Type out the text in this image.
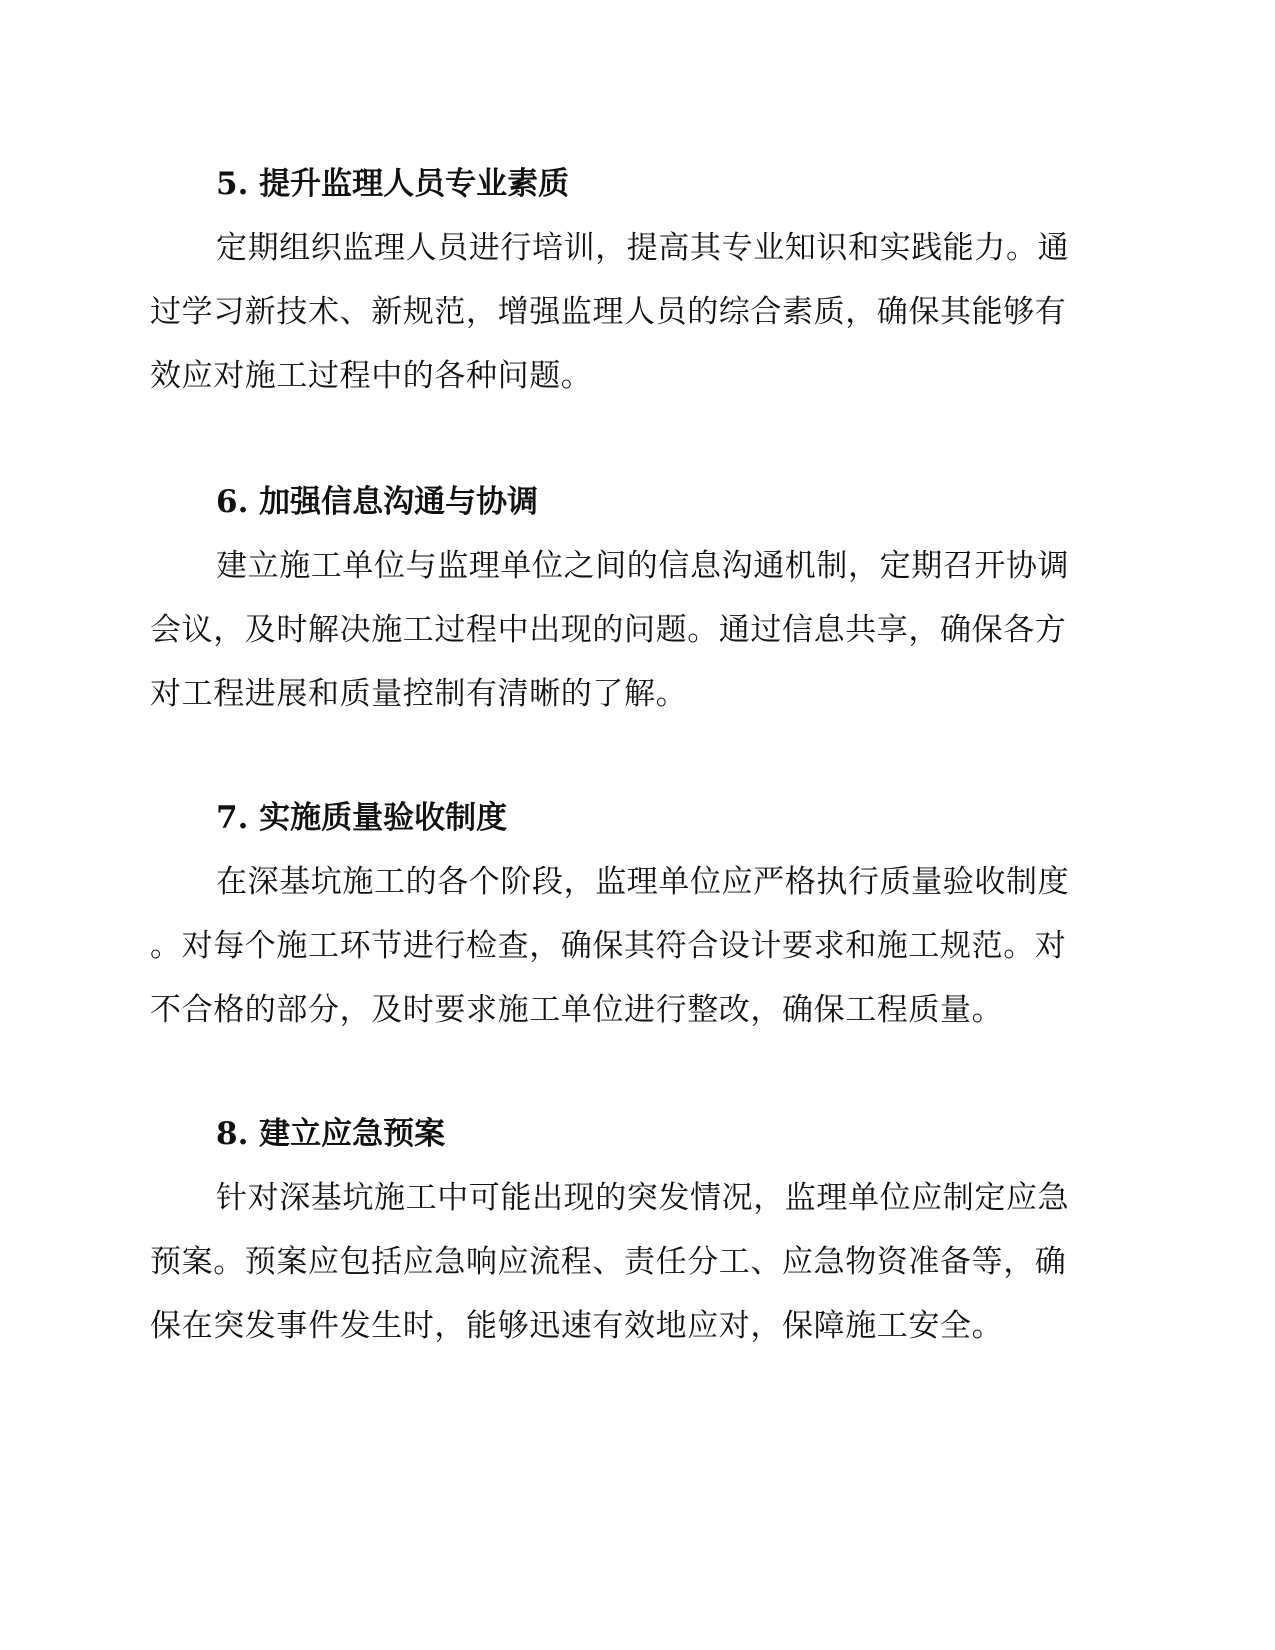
5. 提升监理人员专业素质

定期组织监理人员进行培训，提高其专业知识和实践能力。通

过学习新技术、新规范，增强监理人员的综合素质，确保其能够有

效应对施工过程中的各种问题。

6. 加强信息沟通与协调

建立施工单位与监理单位之间的信息沟通机制，定期召开协调

会议，及时解决施工过程中出现的问题。通过信息共享，确保各方

对工程进展和质量控制有清晰的了解。

7. 实施质量验收制度

在深基坑施工的各个阶段，监理单位应严格执行质量验收制度

。对每个施工环节进行检查，确保其符合设计要求和施工规范。对

不合格的部分，及时要求施工单位进行整改，确保工程质量。

8. 建立应急预案

针对深基坑施工中可能出现的突发情况，监理单位应制定应急

预案。预案应包括应急响应流程、责任分工、应急物资准备等，确

保在突发事件发生时，能够迅速有效地应对，保障施工安全。
